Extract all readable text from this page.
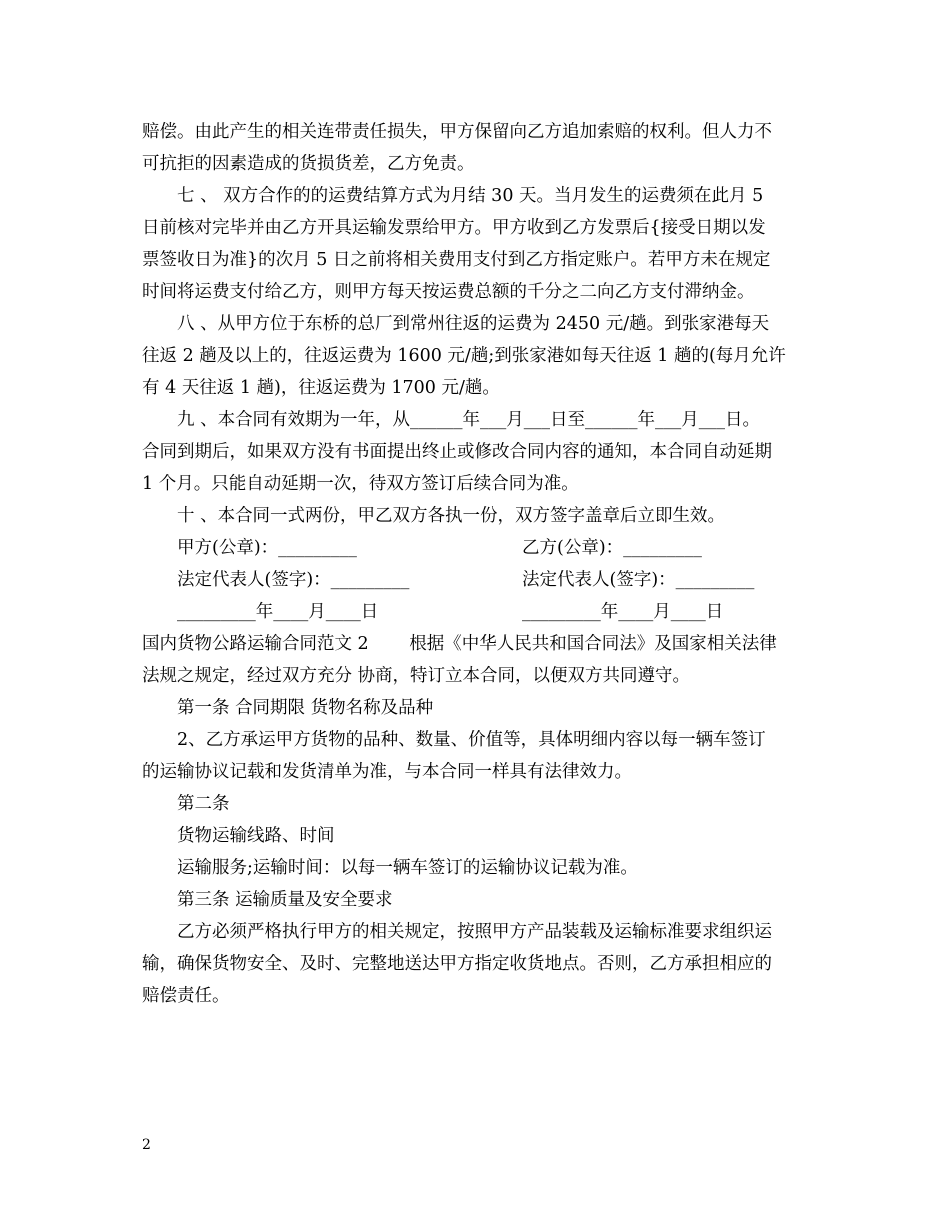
赔偿。由此产生的相关连带责任损失，甲方保留向乙方追加索赔的权利。但人力不
可抗拒的因素造成的货损货差，乙方免责。
七 、 双方合作的的运费结算方式为月结 30 天。当月发生的运费须在此月 5
日前核对完毕并由乙方开具运输发票给甲方。甲方收到乙方发票后{接受日期以发
票签收日为准}的次月 5 日之前将相关费用支付到乙方指定账户。若甲方未在规定
时间将运费支付给乙方，则甲方每天按运费总额的千分之二向乙方支付滞纳金。
八 、从甲方位于东桥的总厂到常州往返的运费为 2450 元/趟。到张家港每天
往返 2 趟及以上的，往返运费为 1600 元/趟;到张家港如每天往返 1 趟的(每月允许
有 4 天往返 1 趟)，往返运费为 1700 元/趟。
九 、本合同有效期为一年，从______年___月___日至______年___月___日。
合同到期后，如果双方没有书面提出终止或修改合同内容的通知，本合同自动延期
1 个月。只能自动延期一次，待双方签订后续合同为准。
十 、本合同一式两份，甲乙双方各执一份，双方签字盖章后立即生效。
甲方(公章)：_________	乙方(公章)：_________
法定代表人(签字)：_________	法定代表人(签字)：_________
_________年____月____日	_________年____月____日
国内货物公路运输合同范文 2 　　根据《中华人民共和国合同法》及国家相关法律
法规之规定，经过双方充分 协商，特订立本合同，以便双方共同遵守。
第一条 合同期限 货物名称及品种
2、乙方承运甲方货物的品种、数量、价值等，具体明细内容以每一辆车签订
的运输协议记载和发货清单为准，与本合同一样具有法律效力。
第二条
货物运输线路、时间
运输服务;运输时间：以每一辆车签订的运输协议记载为准。
第三条 运输质量及安全要求
乙方必须严格执行甲方的相关规定，按照甲方产品装载及运输标准要求组织运
输，确保货物安全、及时、完整地送达甲方指定收货地点。否则，乙方承担相应的
赔偿责任。
2
